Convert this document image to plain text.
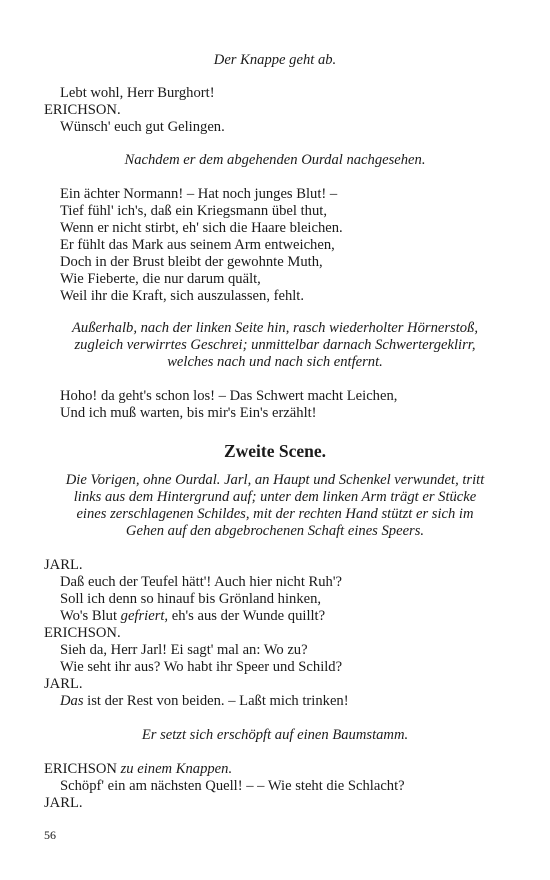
Der Knappe geht ab.
Lebt wohl, Herr Burghort!
ERICHSON.
Wünsch' euch gut Gelingen.
Nachdem er dem abgehenden Ourdal nachgesehen.
Ein ächter Normann! – Hat noch junges Blut! –
Tief fühl' ich's, daß ein Kriegsmann übel thut,
Wenn er nicht stirbt, eh' sich die Haare bleichen.
Er fühlt das Mark aus seinem Arm entweichen,
Doch in der Brust bleibt der gewohnte Muth,
Wie Fieberte, die nur darum quält,
Weil ihr die Kraft, sich auszulassen, fehlt.
Außerhalb, nach der linken Seite hin, rasch wiederholter Hörnerstoß,
zugleich verwirrtes Geschrei; unmittelbar darnach Schwertergeklirr,
welches nach und nach sich entfernt.
Hoho! da geht's schon los! – Das Schwert macht Leichen,
Und ich muß warten, bis mir's Ein's erzählt!
Zweite Scene.
Die Vorigen, ohne Ourdal. Jarl, an Haupt und Schenkel verwundet, tritt
links aus dem Hintergrund auf; unter dem linken Arm trägt er Stücke
eines zerschlagenen Schildes, mit der rechten Hand stützt er sich im
Gehen auf den abgebrochenen Schaft eines Speers.
JARL.
Daß euch der Teufel hätt'! Auch hier nicht Ruh'?
Soll ich denn so hinauf bis Grönland hinken,
Wo's Blut gefriert, eh's aus der Wunde quillt?
ERICHSON.
Sieh da, Herr Jarl! Ei sagt' mal an: Wo zu?
Wie seht ihr aus? Wo habt ihr Speer und Schild?
JARL.
Das ist der Rest von beiden. – Laßt mich trinken!
Er setzt sich erschöpft auf einen Baumstamm.
ERICHSON zu einem Knappen.
Schöpf' ein am nächsten Quell! – – Wie steht die Schlacht?
JARL.
56
